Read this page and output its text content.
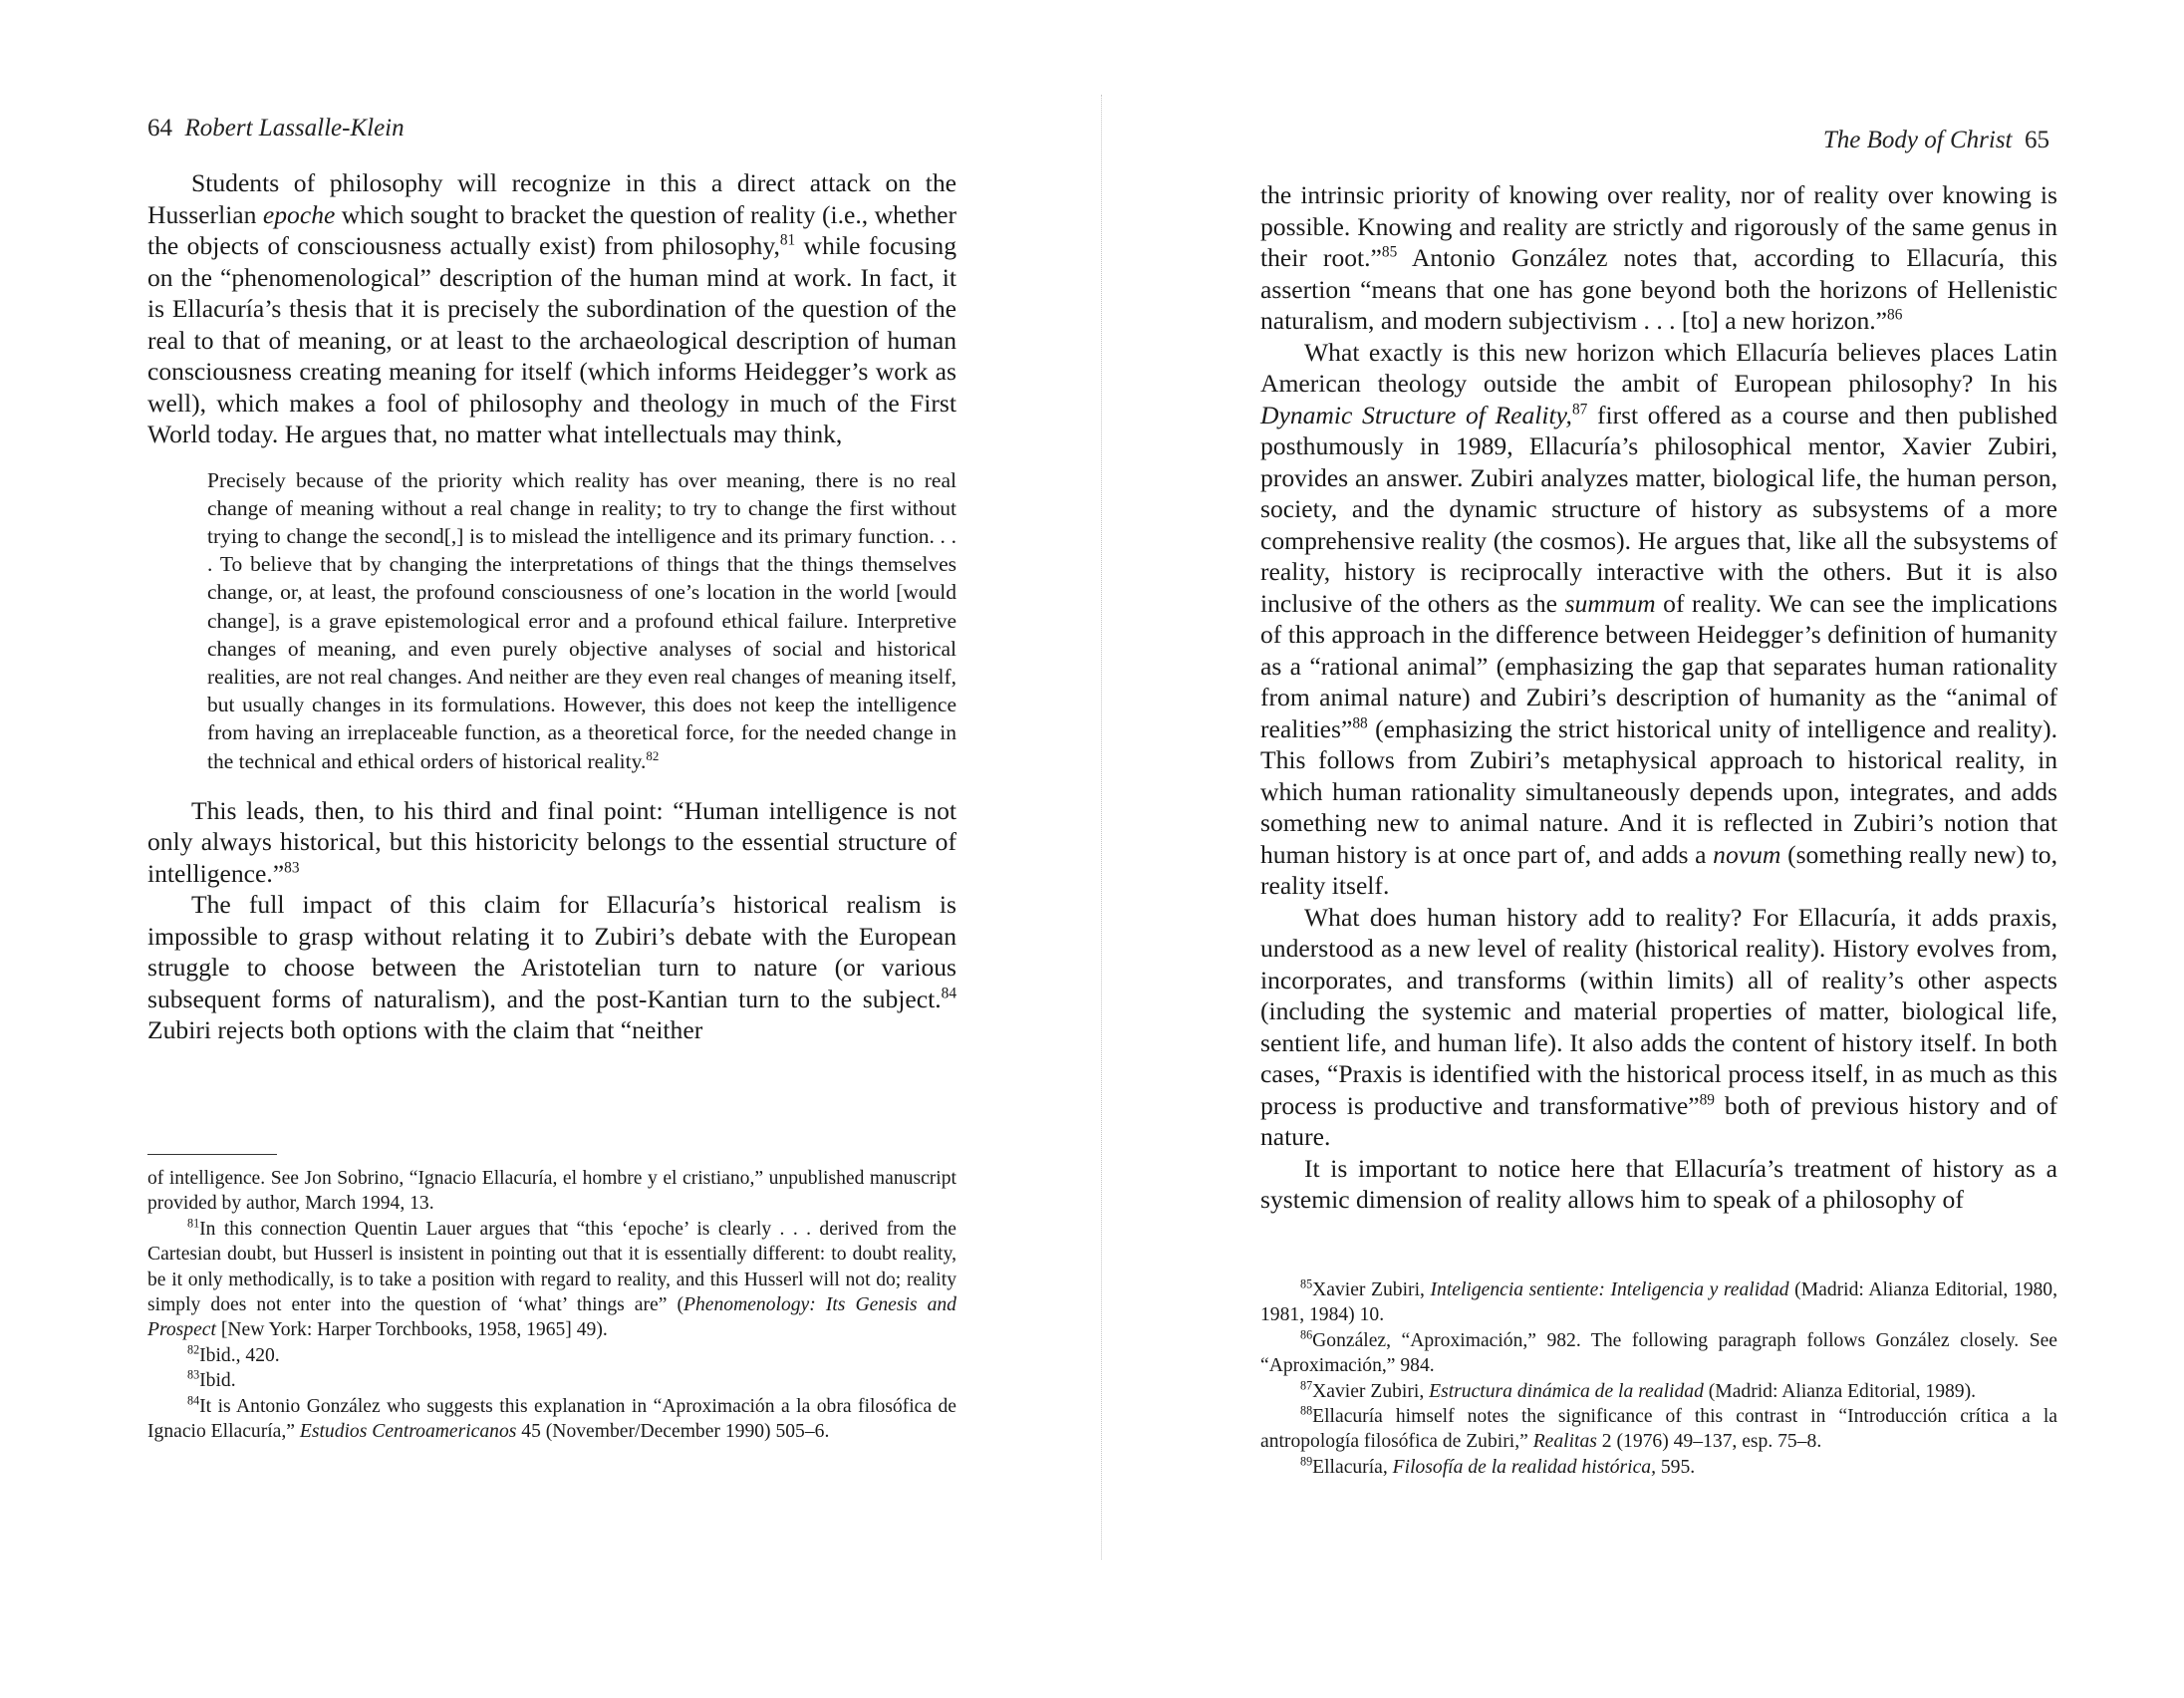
64 Robert Lassalle-Klein

Students of philosophy will recognize in this a direct attack on the Husserlian epoche which sought to bracket the question of reality (i.e., whether the objects of consciousness actually exist) from philosophy,$^{81}$ while focusing on the “phenomenological” description of the human mind at work. In fact, it is Ellacuría’s thesis that it is precisely the subordination of the question of the real to that of meaning, or at least to the archaeological description of human consciousness creating meaning for itself (which informs Heidegger’s work as well), which makes a fool of philosophy and theology in much of the First World today. He argues that, no matter what intellectuals may think,

Precisely because of the priority which reality has over meaning, there is no real change of meaning without a real change in reality; to try to change the first without trying to change the second[,] is to mislead the intelligence and its primary function. . . . To believe that by changing the interpretations of things that the things themselves change, or, at least, the profound consciousness of one’s location in the world [would change], is a grave epistemological error and a profound ethical failure. Interpretive changes of meaning, and even purely objective analyses of social and historical realities, are not real changes. And neither are they even real changes of meaning itself, but usually changes in its formulations. However, this does not keep the intelligence from having an irreplaceable function, as a theoretical force, for the needed change in the technical and ethical orders of historical reality.$^{82}$

This leads, then, to his third and final point: “Human intelligence is not only always historical, but this historicity belongs to the essential structure of intelligence.”$^{83}$

The full impact of this claim for Ellacuría’s historical realism is impossible to grasp without relating it to Zubiri’s debate with the European struggle to choose between the Aristotelian turn to nature (or various subsequent forms of naturalism), and the post-Kantian turn to the subject.$^{84}$ Zubiri rejects both options with the claim that “neither

of intelligence. See Jon Sobrino, “Ignacio Ellacuría, el hombre y el cristiano,” unpublished manuscript provided by author, March 1994, 13.

$^{81}$In this connection Quentin Lauer argues that “this ‘epoche’ is clearly . . . derived from the Cartesian doubt, but Husserl is insistent in pointing out that it is essentially different: to doubt reality, be it only methodically, is to take a position with regard to reality, and this Husserl will not do; reality simply does not enter into the question of ‘what’ things are” (Phenomenology: Its Genesis and Prospect [New York: Harper Torchbooks, 1958, 1965] 49).

$^{82}$Ibid., 420.

$^{83}$Ibid.

$^{84}$It is Antonio González who suggests this explanation in “Aproximación a la obra filosófica de Ignacio Ellacuría,” Estudios Centroamericanos 45 (November/December 1990) 505–6.

The Body of Christ 65

the intrinsic priority of knowing over reality, nor of reality over knowing is possible. Knowing and reality are strictly and rigorously of the same genus in their root.”$^{85}$ Antonio González notes that, according to Ellacuría, this assertion “means that one has gone beyond both the horizons of Hellenistic naturalism, and modern subjectivism . . . [to] a new horizon.”$^{86}$

What exactly is this new horizon which Ellacuría believes places Latin American theology outside the ambit of European philosophy? In his Dynamic Structure of Reality,$^{87}$ first offered as a course and then published posthumously in 1989, Ellacuría’s philosophical mentor, Xavier Zubiri, provides an answer. Zubiri analyzes matter, biological life, the human person, society, and the dynamic structure of history as subsystems of a more comprehensive reality (the cosmos). He argues that, like all the subsystems of reality, history is reciprocally interactive with the others. But it is also inclusive of the others as the summum of reality. We can see the implications of this approach in the difference between Heidegger’s definition of humanity as a “rational animal” (emphasizing the gap that separates human rationality from animal nature) and Zubiri’s description of humanity as the “animal of realities”$^{88}$ (emphasizing the strict historical unity of intelligence and reality). This follows from Zubiri’s metaphysical approach to historical reality, in which human rationality simultaneously depends upon, integrates, and adds something new to animal nature. And it is reflected in Zubiri’s notion that human history is at once part of, and adds a novum (something really new) to, reality itself.

What does human history add to reality? For Ellacuría, it adds praxis, understood as a new level of reality (historical reality). History evolves from, incorporates, and transforms (within limits) all of reality’s other aspects (including the systemic and material properties of matter, biological life, sentient life, and human life). It also adds the content of history itself. In both cases, “Praxis is identified with the historical process itself, in as much as this process is productive and transformative”$^{89}$ both of previous history and of nature.

It is important to notice here that Ellacuría’s treatment of history as a systemic dimension of reality allows him to speak of a philosophy of

$^{85}$Xavier Zubiri, Inteligencia sentiente: Inteligencia y realidad (Madrid: Alianza Editorial, 1980, 1981, 1984) 10.

$^{86}$González, “Aproximación,” 982. The following paragraph follows González closely. See “Aproximación,” 984.

$^{87}$Xavier Zubiri, Estructura dinámica de la realidad (Madrid: Alianza Editorial, 1989).

$^{88}$Ellacuría himself notes the significance of this contrast in “Introducción crítica a la antropología filosófica de Zubiri,” Realitas 2 (1976) 49–137, esp. 75–8.

$^{89}$Ellacuría, Filosofía de la realidad histórica, 595.
